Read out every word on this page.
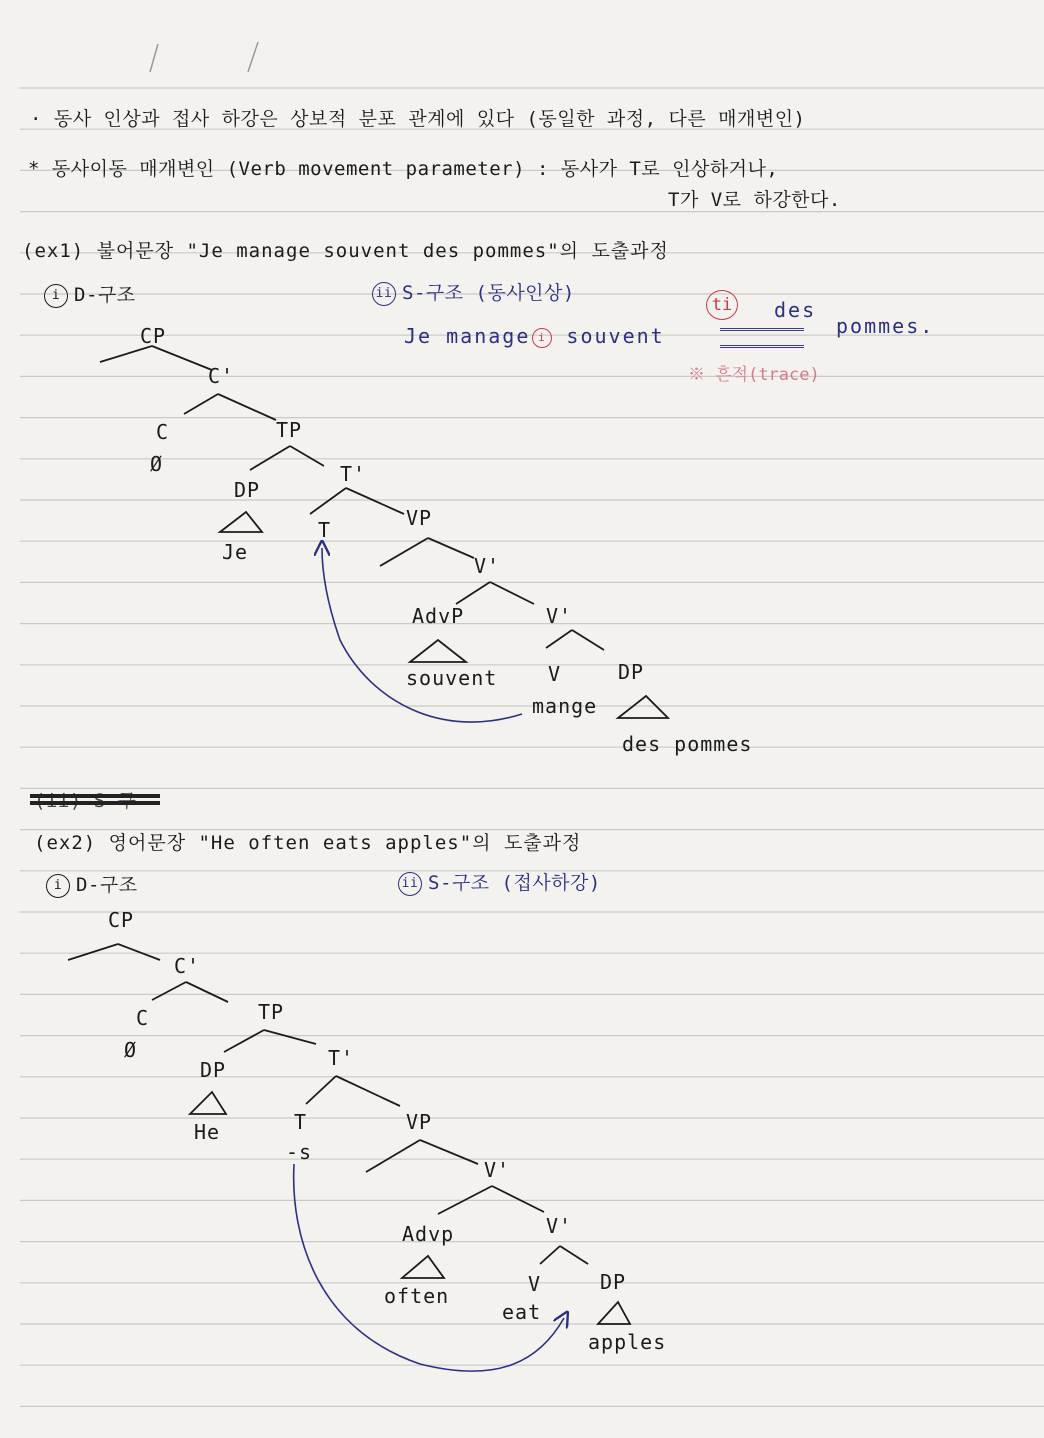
· 동사 인상과 접사 하강은 상보적 분포 관계에 있다 (동일한 과정, 다른 매개변인)
* 동사이동 매개변인 (Verb movement parameter) : 동사가 T로 인상하거나,
T가 V로 하강한다.
(ex1) 불어문장 "Je manage souvent des pommes"의 도출과정
i D-구조	ii S-구조 (동사인상)
Je manage i souvent
ti des
pommes.
※ 흔적(trace)
CP
C'
C
Ø
TP
DP
Je
T'
T	VP
V'
AdvP	V'
souvent	V	DP
mange
des pommes
(ex2) 영어문장 "He often eats apples"의 도출과정
i D-구조	ii S-구조 (접사하강)
CP
C'
C
Ø
TP
DP
He
T'
T
-s
VP
V'
Advp	V'
often	V	DP
eat
apples
